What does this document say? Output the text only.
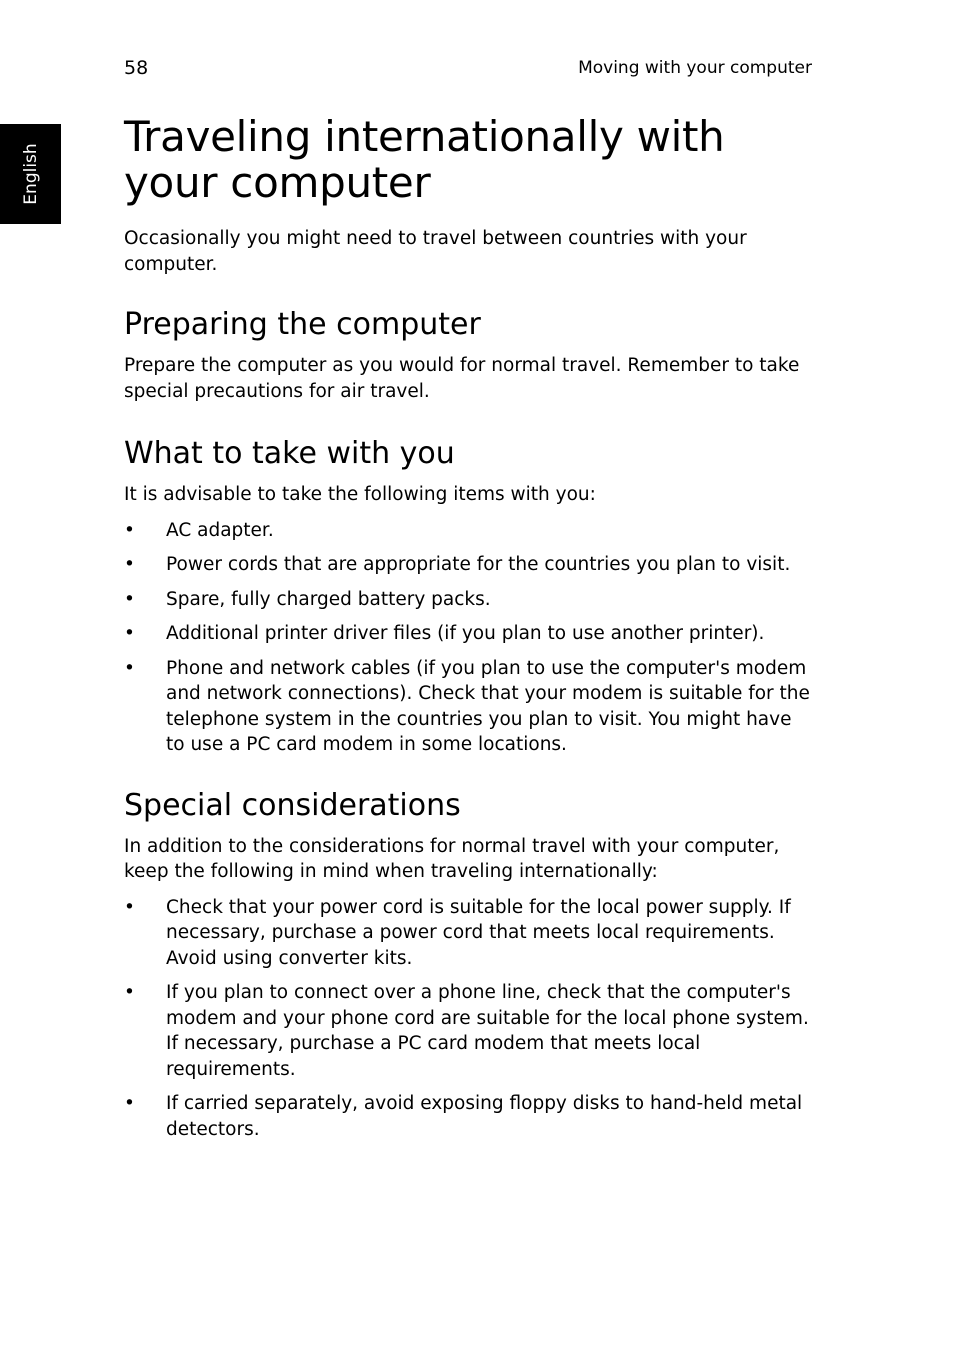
58	Moving with your computer
English
Traveling internationally with your computer

Occasionally you might need to travel between countries with your computer.

Preparing the computer

Prepare the computer as you would for normal travel. Remember to take special precautions for air travel.

What to take with you

It is advisable to take the following items with you:

•	AC adapter.
•	Power cords that are appropriate for the countries you plan to visit.
•	Spare, fully charged battery packs.
•	Additional printer driver files (if you plan to use another printer).
•	Phone and network cables (if you plan to use the computer's modem and network connections). Check that your modem is suitable for the telephone system in the countries you plan to visit. You might have to use a PC card modem in some locations.
Special considerations

In addition to the considerations for normal travel with your computer, keep the following in mind when traveling internationally:

•	Check that your power cord is suitable for the local power supply. If necessary, purchase a power cord that meets local requirements. Avoid using converter kits.
•	If you plan to connect over a phone line, check that the computer's modem and your phone cord are suitable for the local phone system. If necessary, purchase a PC card modem that meets local requirements.
•	If carried separately, avoid exposing floppy disks to hand-held metal detectors.
